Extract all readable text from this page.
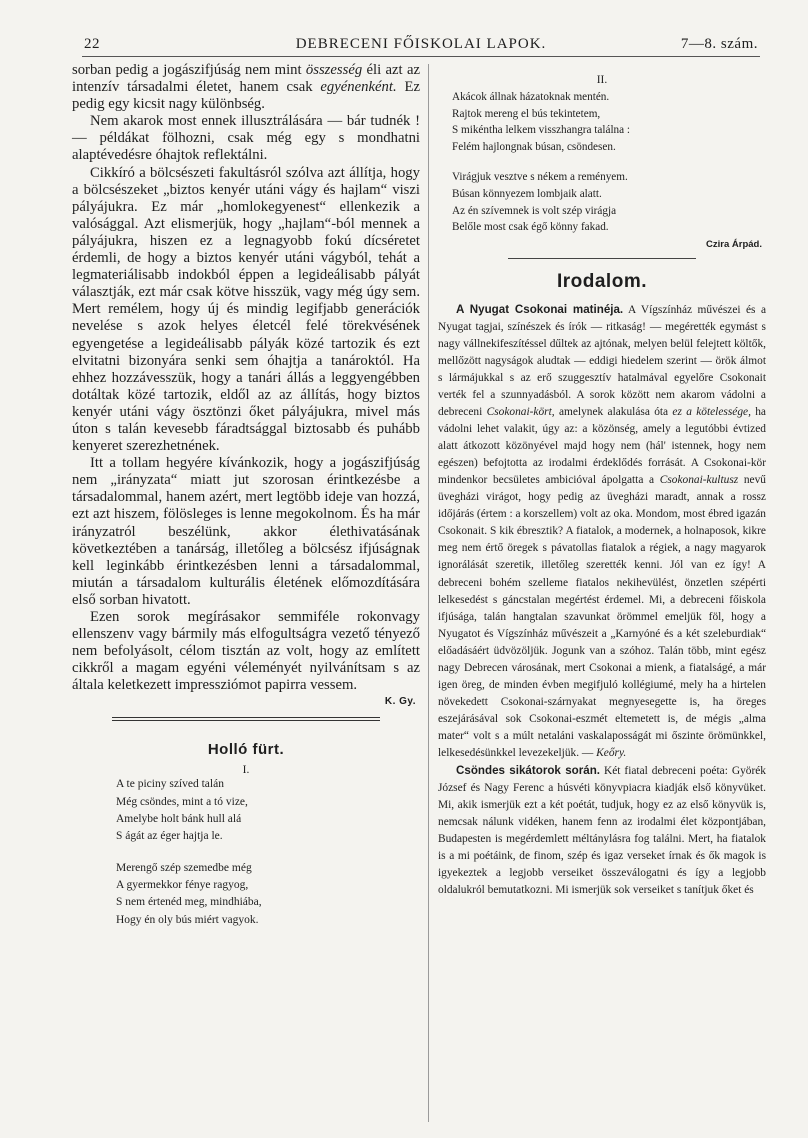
22	DEBRECENI FŐISKOLAI LAPOK.	7—8. szám.

sorban pedig a jogászifjúság nem mint összesség éli azt az intenzív társadalmi életet, hanem csak egyénenként. Ez pedig egy kicsit nagy különbség.

Nem akarok most ennek illusztrálására — bár tudnék ! — példákat fölhozni, csak még egy s mondhatni alaptévedésre óhajtok reflektálni.

Cikkíró a bölcsészeti fakultásról szólva azt állítja, hogy a bölcsészeket „biztos kenyér utáni vágy és hajlam“ viszi pályájukra. Ez már „homlokegyenest“ ellenkezik a valósággal. Azt elismerjük, hogy „hajlam“-ból mennek a pályájukra, hiszen ez a legnagyobb fokú dícséretet érdemli, de hogy a biztos kenyér utáni vágyból, tehát a legmateriálisabb indokból éppen a legideálisabb pályát választják, ezt már csak kötve hisszük, vagy még úgy sem. Mert remélem, hogy új és mindig legifjabb generációk nevelése s azok helyes életcél felé törekvésének egyengetése a legideálisabb pályák közé tartozik és ezt elvitatni bizonyára senki sem óhajtja a tanároktól. Ha ehhez hozzávesszük, hogy a tanári állás a leggyengébben dotáltak közé tartozik, eldől az az állítás, hogy biztos kenyér utáni vágy ösztönzi őket pályájukra, mivel más úton s talán kevesebb fáradtsággal biztosabb és puhább kenyeret szerezhetnének.

Itt a tollam hegyére kívánkozik, hogy a jogászifjúság nem „irányzata“ miatt jut szorosan érintkezésbe a társadalommal, hanem azért, mert legtöbb ideje van hozzá, ezt azt hiszem, fölösleges is lenne megokolnom. És ha már irányzatról beszélünk, akkor élethivatásának következtében a tanárság, illetőleg a bölcsész ifjúságnak kell leginkább érintkezésben lenni a társadalommal, miután a társadalom kulturális életének előmozdítására első sorban hivatott.

Ezen sorok megírásakor semmiféle rokonvagy ellenszenv vagy bármily más elfogultságra vezető tényező nem befolyásolt, célom tisztán az volt, hogy az említett cikkről a magam egyéni véleményét nyilvánítsam s az általa keletkezett impressziómot papirra vessem.

K. Gy.
Holló fürt.
I.
A te piciny szíved talán
Még csöndes, mint a tó vize,
Amelybe holt bánk hull alá
S ágát az éger hajtja le.
Merengő szép szemedbe még
A gyermekkor fénye ragyog,
S nem értenéd meg, mindhiába,
Hogy én oly bús miért vagyok.
II.
Akácok állnak házatoknak mentén.
Rajtok mereng el bús tekintetem,
S mikéntha lelkem visszhangra találna :
Felém hajlongnak búsan, csöndesen.
Virágjuk vesztve s nékem a reményem.
Búsan könnyezem lombjaik alatt.
Az én szívemnek is volt szép virágja
Belőle most csak égő könny fakad.
Czira Árpád.
Irodalom.

A Nyugat Csokonai matinéja. A Vígszínház művészei és a Nyugat tagjai, színészek és írók — ritkaság! — megérették egymást s nagy vállnekifeszítéssel dűltek az ajtónak, melyen belül felejtett költők, mellőzött nagyságok aludtak — eddigi hiedelem szerint — örök álmot s lármájukkal s az erő szuggesztív hatalmával egyelőre Csokonait verték fel a szunnyadásból. A sorok között nem akarom vádolni a debreceni Csokonai-kört, amelynek alakulása óta ez a kötelessége, ha vádolni lehet valakit, úgy az: a közönség, amely a legutóbbi évtized alatt átkozott közönyével majd hogy nem (hál' istennek, hogy nem egészen) befojtotta az irodalmi érdeklődés forrását. A Csokonai-kör mindenkor becsületes ambicióval ápolgatta a Csokonai-kultusz nevű üvegházi virágot, hogy pedig az üvegházi maradt, annak a rossz időjárás (értem : a korszellem) volt az oka. Mondom, most ébred igazán Csokonait. S kik ébresztik? A fiatalok, a modernek, a holnaposok, kikre meg nem értő öregek s pávatollas fiatalok a régiek, a nagy magyarok ignorálását szeretik, illetőleg szerették kenni. Jól van ez így! A debreceni bohém szelleme fiatalos nekihevülést, önzetlen szépérti lelkesedést s gáncstalan megértést érdemel. Mi, a debreceni főiskola ifjúsága, talán hangtalan szavunkat örömmel emeljük föl, hogy a Nyugatot és Vígszínház művészeit a „Karnyóné és a két szeleburdiak“ előadásáért üdvözöljük. Jogunk van a szóhoz. Talán több, mint egész nagy Debrecen városának, mert Csokonai a mienk, a fiatalságé, a már igen öreg, de minden évben megifjuló kollégiumé, mely ha a hirtelen növekedett Csokonai-szárnyakat megnyesegette is, ha öreges eszejárásával sok Csokonai-eszmét eltemetett is, de mégis „alma mater“ volt s a múlt netaláni vaskalaposságát mi őszinte örömünkkel, lelkesedésünkkel levezekeljük. — Keőry.

Csöndes sikátorok során. Két fiatal debreceni poéta: Györék József és Nagy Ferenc a húsvéti könyvpiacra kiadják első könyvüket. Mi, akik ismerjük ezt a két poétát, tudjuk, hogy ez az első könyvük is, nemcsak nálunk vidéken, hanem fenn az irodalmi élet központjában, Budapesten is megérdemlett méltánylásra fog találni. Mert, ha fiatalok is a mi poétáink, de finom, szép és igaz verseket írnak és ők magok is igyekeztek a legjobb verseiket összeválogatni és így a legjobb oldalukról bemutatkozni. Mi ismerjük sok verseiket s tanítjuk őket és
